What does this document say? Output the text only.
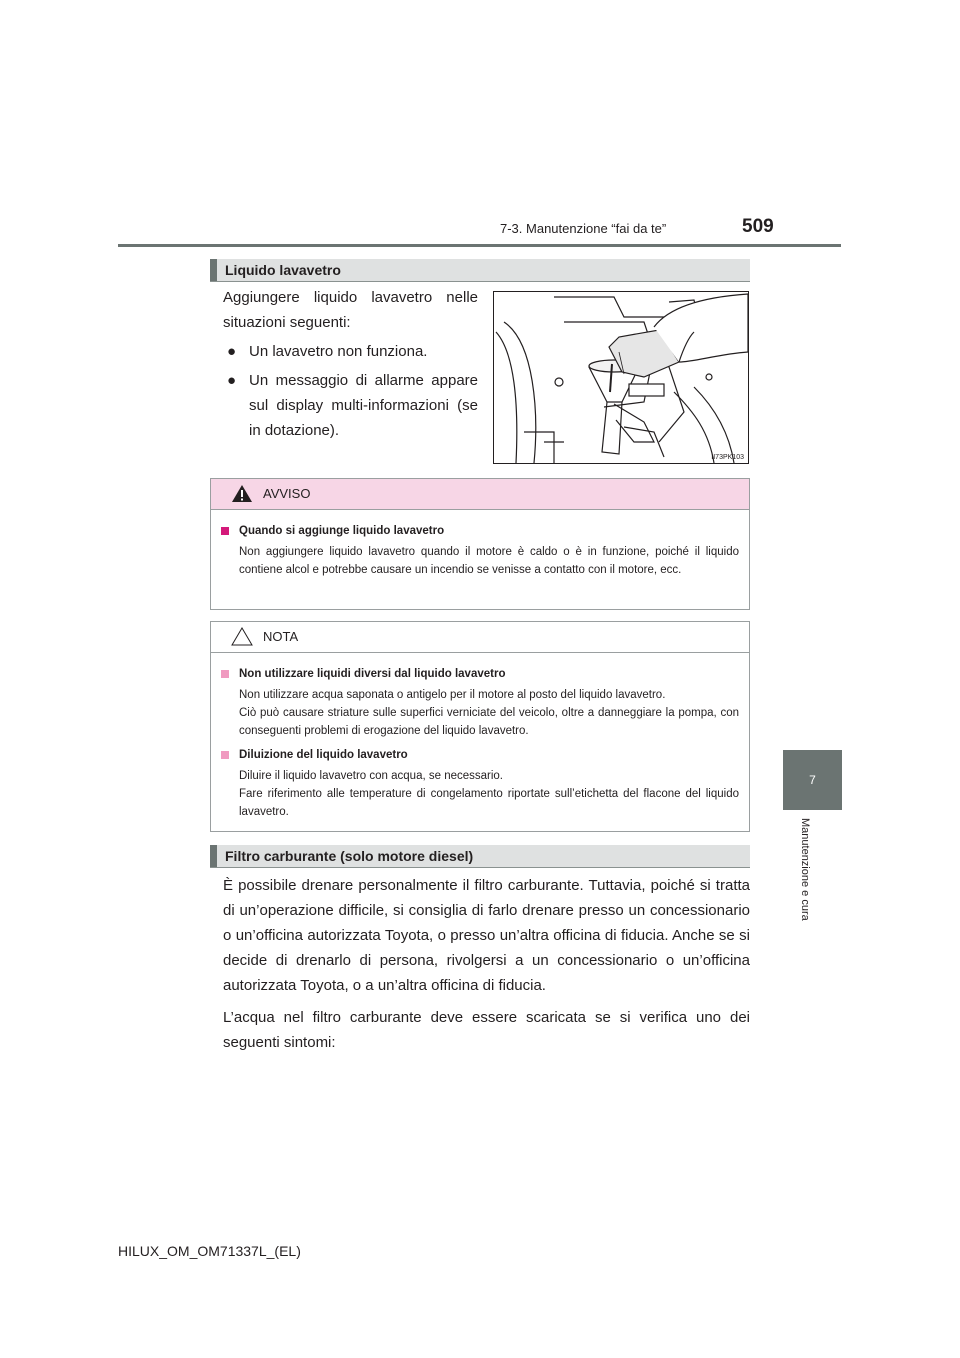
7-3. Manutenzione “fai da te”	509
7
Manutenzione e cura
Liquido lavavetro
Aggiungere liquido lavavetro nelle situazioni seguenti:
● Un lavavetro non funziona.
● Un messaggio di allarme appare sul display multi-informazioni (se in dotazione).
II73PK103
AVVISO
Quando si aggiunge liquido lavavetro
Non aggiungere liquido lavavetro quando il motore è caldo o è in funzione, poiché il liquido contiene alcol e potrebbe causare un incendio se venisse a contatto con il motore, ecc.
NOTA
Non utilizzare liquidi diversi dal liquido lavavetro
Non utilizzare acqua saponata o antigelo per il motore al posto del liquido lavavetro.
Ciò può causare striature sulle superfici verniciate del veicolo, oltre a danneggiare la pompa, con conseguenti problemi di erogazione del liquido lavavetro.
Diluizione del liquido lavavetro
Diluire il liquido lavavetro con acqua, se necessario.
Fare riferimento alle temperature di congelamento riportate sull’etichetta del flacone del liquido lavavetro.
Filtro carburante (solo motore diesel)
È possibile drenare personalmente il filtro carburante. Tuttavia, poiché si tratta di un’operazione difficile, si consiglia di farlo drenare presso un concessionario o un’officina autorizzata Toyota, o presso un’altra officina di fiducia. Anche se si decide di drenarlo di persona, rivolgersi a un concessionario o un’officina autorizzata Toyota, o a un’altra officina di fiducia.
L’acqua nel filtro carburante deve essere scaricata se si verifica uno dei seguenti sintomi:
HILUX_OM_OM71337L_(EL)
